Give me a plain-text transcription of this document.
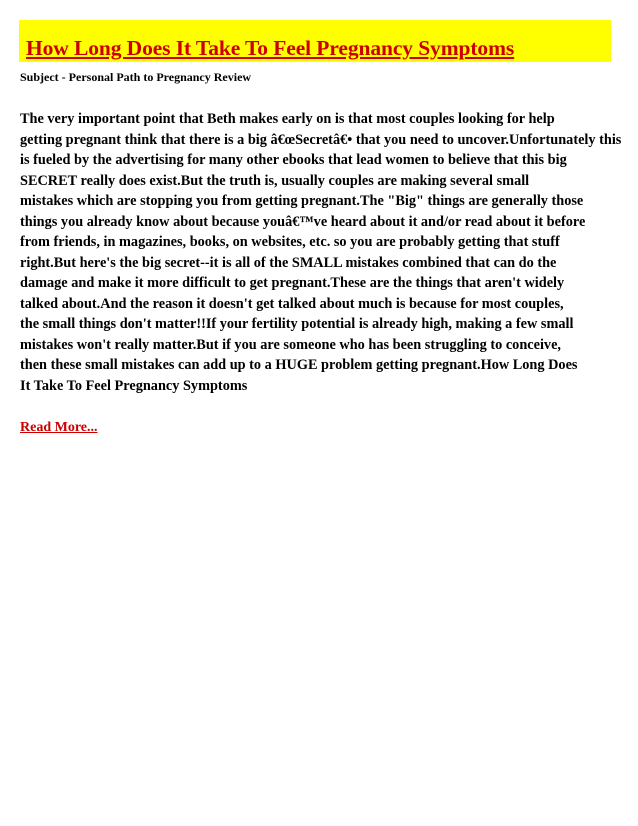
How Long Does It Take To Feel Pregnancy Symptoms
Subject - Personal Path to Pregnancy Review
The very important point that Beth makes early on is that most couples looking for help
getting pregnant think that there is a big â€œSecretâ€• that you need to uncover.Unfortunately this
is fueled by the advertising for many other ebooks that lead women to believe that this big
SECRET really does exist.But the truth is, usually couples are making several small
mistakes which are stopping you from getting pregnant.The "Big" things are generally those
things you already know about because youâ€™ve heard about it and/or read about it before
from friends, in magazines, books, on websites, etc. so you are probably getting that stuff
right.But here's the big secret--it is all of the SMALL mistakes combined that can do the
damage and make it more difficult to get pregnant.These are the things that aren't widely
talked about.And the reason it doesn't get talked about much is because for most couples,
the small things don't matter!!If your fertility potential is already high, making a few small
mistakes won't really matter.But if you are someone who has been struggling to conceive,
then these small mistakes can add up to a HUGE problem getting pregnant.How Long Does
It Take To Feel Pregnancy Symptoms
Read More...
